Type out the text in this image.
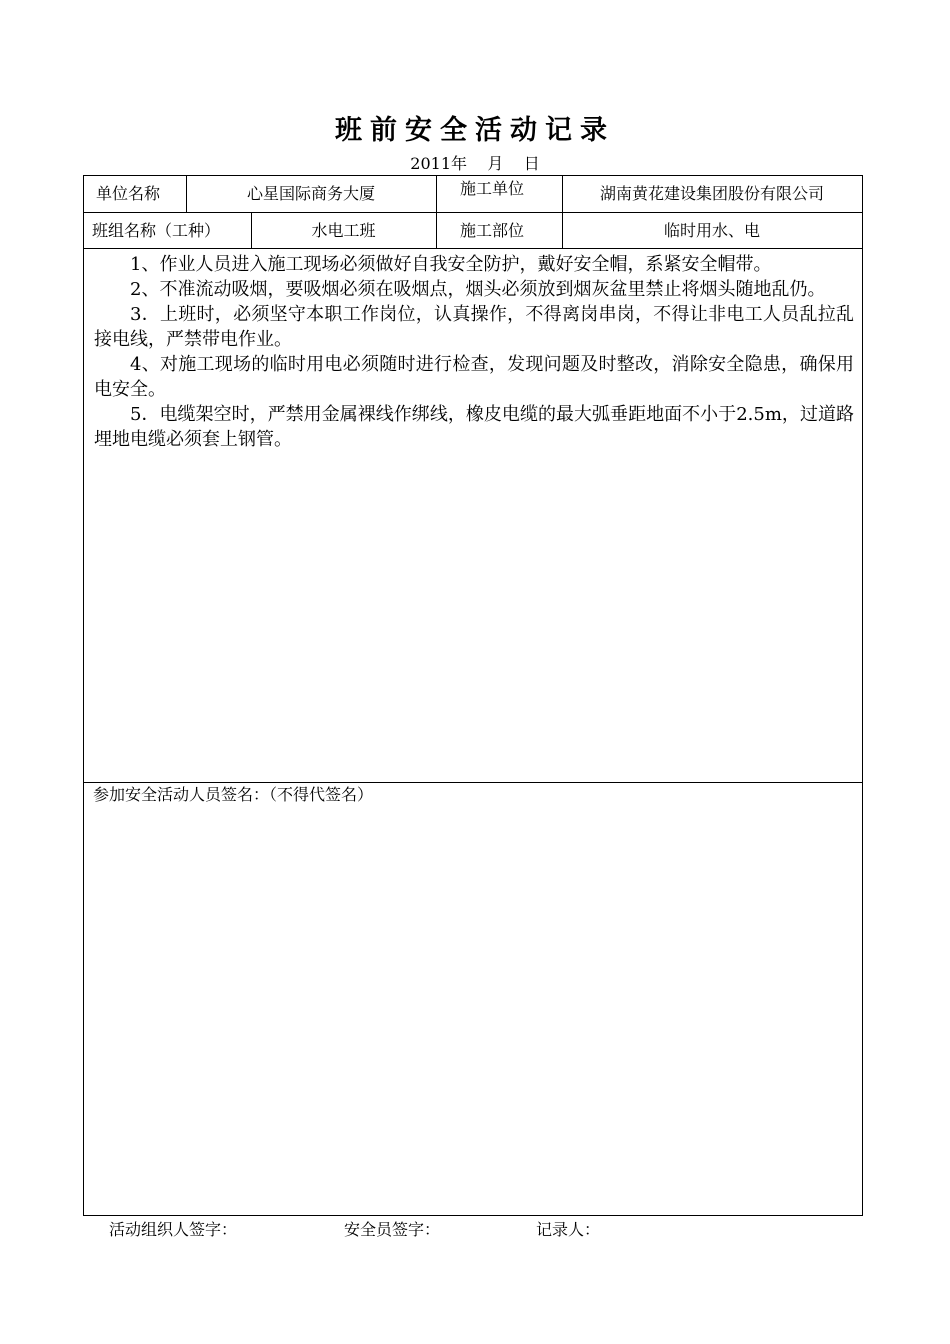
班前安全活动记录
2011年    月    日
单位名称	心星国际商务大厦	施工单位	湖南黄花建设集团股份有限公司
班组名称（工种）	水电工班	施工部位	临时用水、电

1、作业人员进入施工现场必须做好自我安全防护，戴好安全帽，系紧安全帽带。

2、不准流动吸烟，要吸烟必须在吸烟点，烟头必须放到烟灰盆里禁止将烟头随地乱仍。

3．上班时，必须坚守本职工作岗位，认真操作，不得离岗串岗，不得让非电工人员乱拉乱接电线，严禁带电作业。

4、对施工现场的临时用电必须随时进行检查，发现问题及时整改，消除安全隐患，确保用电安全。

5．电缆架空时，严禁用金属裸线作绑线，橡皮电缆的最大弧垂距地面不小于2.5m，过道路埋地电缆必须套上钢管。

参加安全活动人员签名：（不得代签名）
活动组织人签字：	安全员签字：	记录人：
